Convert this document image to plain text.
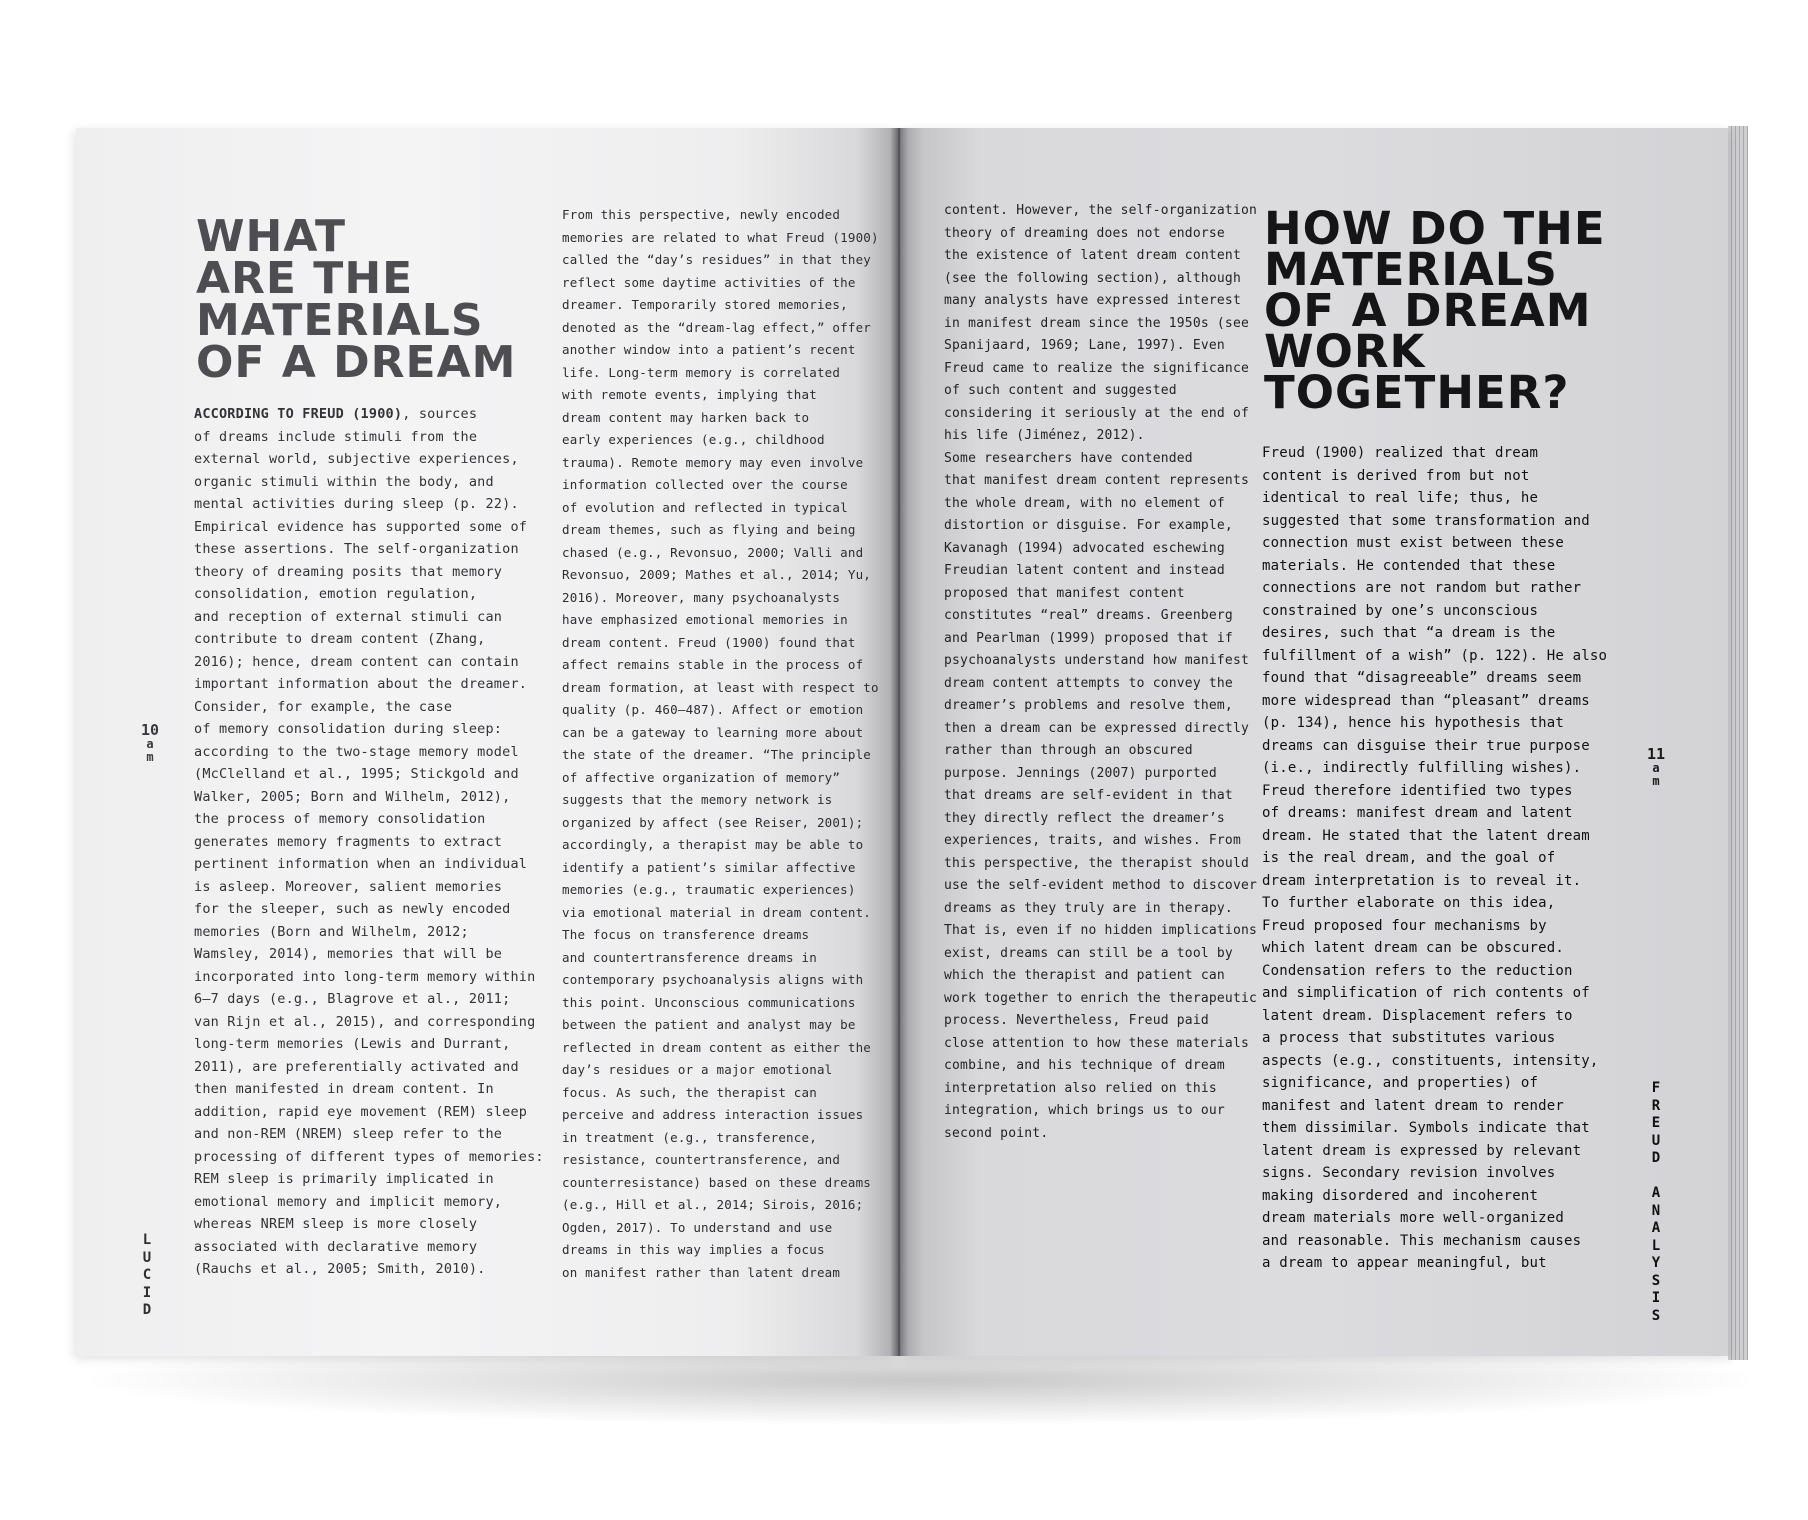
WHAT
ARE THE
MATERIALS
OF A DREAM
ACCORDING TO FREUD (1900), sources
of dreams include stimuli from the
external world, subjective experiences,
organic stimuli within the body, and
mental activities during sleep (p. 22).
Empirical evidence has supported some of
these assertions. The self-organization
theory of dreaming posits that memory
consolidation, emotion regulation,
and reception of external stimuli can
contribute to dream content (Zhang,
2016); hence, dream content can contain
important information about the dreamer.
Consider, for example, the case
of memory consolidation during sleep:
according to the two-stage memory model
(McClelland et al., 1995; Stickgold and
Walker, 2005; Born and Wilhelm, 2012),
the process of memory consolidation
generates memory fragments to extract
pertinent information when an individual
is asleep. Moreover, salient memories
for the sleeper, such as newly encoded
memories (Born and Wilhelm, 2012;
Wamsley, 2014), memories that will be
incorporated into long-term memory within
6–7 days (e.g., Blagrove et al., 2011;
van Rijn et al., 2015), and corresponding
long-term memories (Lewis and Durrant,
2011), are preferentially activated and
then manifested in dream content. In
addition, rapid eye movement (REM) sleep
and non-REM (NREM) sleep refer to the
processing of different types of memories:
REM sleep is primarily implicated in
emotional memory and implicit memory,
whereas NREM sleep is more closely
associated with declarative memory
(Rauchs et al., 2005; Smith, 2010).
From this perspective, newly encoded
memories are related to what Freud (1900)
called the “day’s residues” in that they
reflect some daytime activities of the
dreamer. Temporarily stored memories,
denoted as the “dream-lag effect,” offer
another window into a patient’s recent
life. Long-term memory is correlated
with remote events, implying that
dream content may harken back to
early experiences (e.g., childhood
trauma). Remote memory may even involve
information collected over the course
of evolution and reflected in typical
dream themes, such as flying and being
chased (e.g., Revonsuo, 2000; Valli and
Revonsuo, 2009; Mathes et al., 2014; Yu,
2016). Moreover, many psychoanalysts
have emphasized emotional memories in
dream content. Freud (1900) found that
affect remains stable in the process of
dream formation, at least with respect to
quality (p. 460–487). Affect or emotion
can be a gateway to learning more about
the state of the dreamer. “The principle
of affective organization of memory”
suggests that the memory network is
organized by affect (see Reiser, 2001);
accordingly, a therapist may be able to
identify a patient’s similar affective
memories (e.g., traumatic experiences)
via emotional material in dream content.
The focus on transference dreams
and countertransference dreams in
contemporary psychoanalysis aligns with
this point. Unconscious communications
between the patient and analyst may be
reflected in dream content as either the
day’s residues or a major emotional
focus. As such, the therapist can
perceive and address interaction issues
in treatment (e.g., transference,
resistance, countertransference, and
counterresistance) based on these dreams
(e.g., Hill et al., 2014; Sirois, 2016;
Ogden, 2017). To understand and use
dreams in this way implies a focus
on manifest rather than latent dream
10
a
m
L
U
C
I
D
content. However, the self-organization
theory of dreaming does not endorse
the existence of latent dream content
(see the following section), although
many analysts have expressed interest
in manifest dream since the 1950s (see
Spanijaard, 1969; Lane, 1997). Even
Freud came to realize the significance
of such content and suggested
considering it seriously at the end of
his life (Jiménez, 2012).
Some researchers have contended
that manifest dream content represents
the whole dream, with no element of
distortion or disguise. For example,
Kavanagh (1994) advocated eschewing
Freudian latent content and instead
proposed that manifest content
constitutes “real” dreams. Greenberg
and Pearlman (1999) proposed that if
psychoanalysts understand how manifest
dream content attempts to convey the
dreamer’s problems and resolve them,
then a dream can be expressed directly
rather than through an obscured
purpose. Jennings (2007) purported
that dreams are self-evident in that
they directly reflect the dreamer’s
experiences, traits, and wishes. From
this perspective, the therapist should
use the self-evident method to discover
dreams as they truly are in therapy.
That is, even if no hidden implications
exist, dreams can still be a tool by
which the therapist and patient can
work together to enrich the therapeutic
process. Nevertheless, Freud paid
close attention to how these materials
combine, and his technique of dream
interpretation also relied on this
integration, which brings us to our
second point.
HOW DO THE
MATERIALS
OF A DREAM
WORK
TOGETHER?
Freud (1900) realized that dream
content is derived from but not
identical to real life; thus, he
suggested that some transformation and
connection must exist between these
materials. He contended that these
connections are not random but rather
constrained by one’s unconscious
desires, such that “a dream is the
fulfillment of a wish” (p. 122). He also
found that “disagreeable” dreams seem
more widespread than “pleasant” dreams
(p. 134), hence his hypothesis that
dreams can disguise their true purpose
(i.e., indirectly fulfilling wishes).
Freud therefore identified two types
of dreams: manifest dream and latent
dream. He stated that the latent dream
is the real dream, and the goal of
dream interpretation is to reveal it.
To further elaborate on this idea,
Freud proposed four mechanisms by
which latent dream can be obscured.
Condensation refers to the reduction
and simplification of rich contents of
latent dream. Displacement refers to
a process that substitutes various
aspects (e.g., constituents, intensity,
significance, and properties) of
manifest and latent dream to render
them dissimilar. Symbols indicate that
latent dream is expressed by relevant
signs. Secondary revision involves
making disordered and incoherent
dream materials more well-organized
and reasonable. This mechanism causes
a dream to appear meaningful, but
11
a
m
F
R
E
U
D

A
N
A
L
Y
S
I
S
